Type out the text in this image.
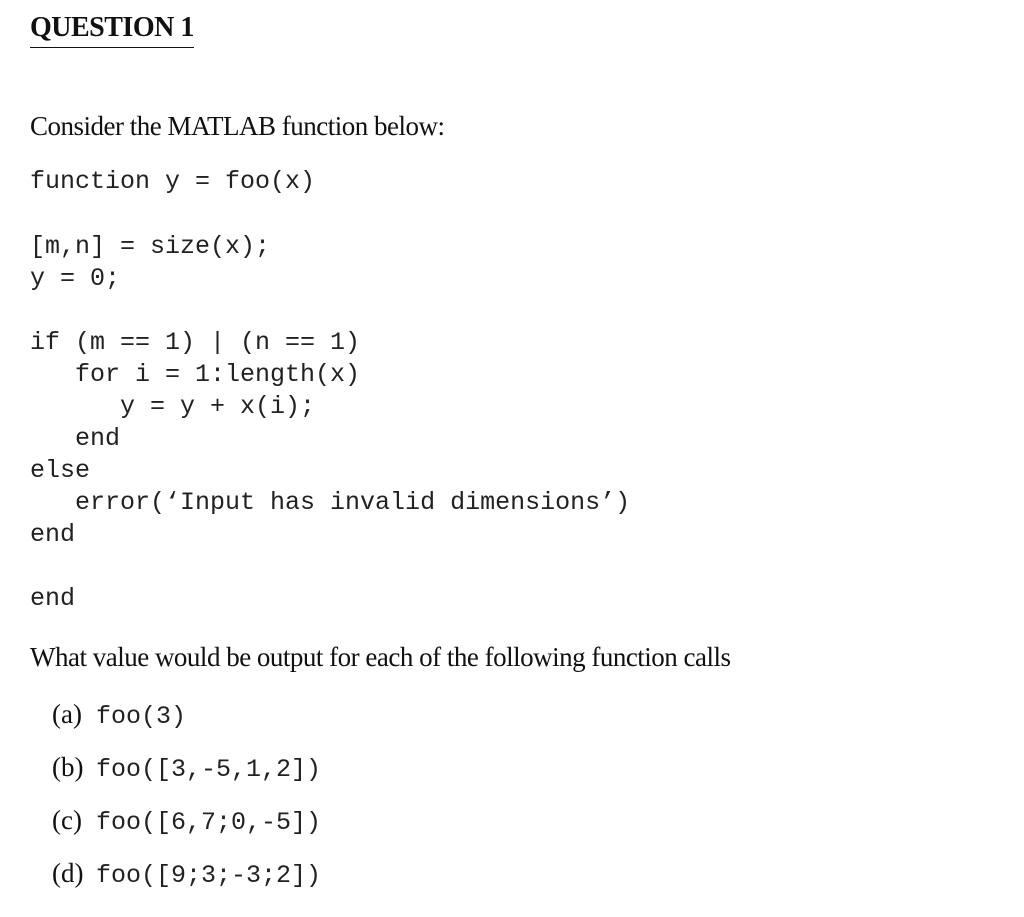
QUESTION 1
Consider the MATLAB function below:
function y = foo(x)
[m,n] = size(x);
y = 0;
if (m == 1) | (n == 1)
for i = 1:length(x)
y = y + x(i);
end
else
error(‘Input has invalid dimensions’)
end
end
What value would be output for each of the following function calls
(a) foo(3)
(b) foo([3,-5,1,2])
(c) foo([6,7;0,-5])
(d) foo([9;3;-3;2])
